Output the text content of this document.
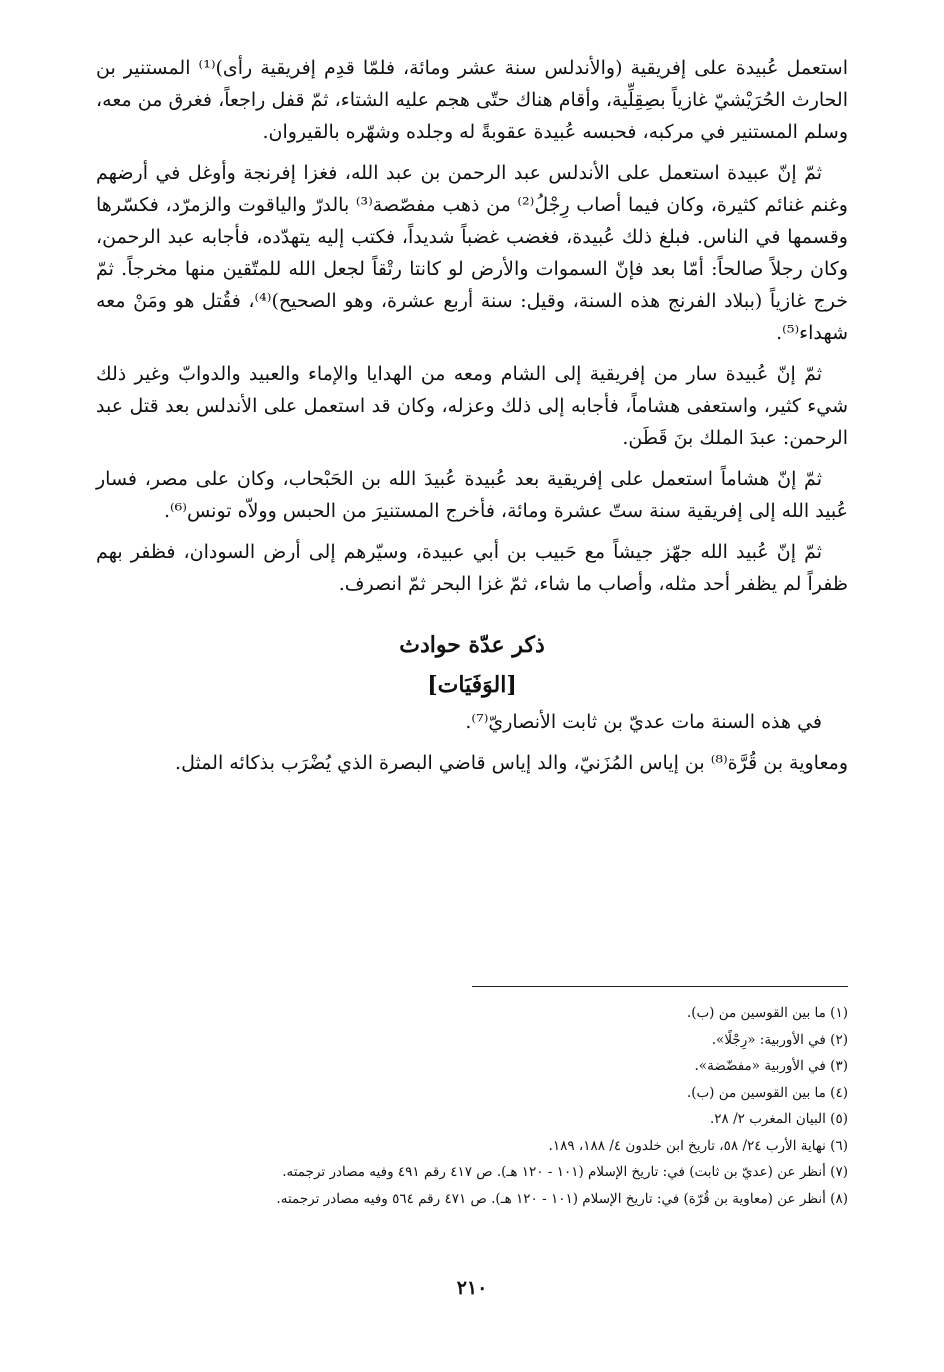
استعمل عُبيدة على إفريقية (والأندلس سنة عشر ومائة، فلمّا قدِم إفريقية رأى)⁽¹⁾ المستنير بن الحارث الحُرَيْشيّ غازياً بصِقِلِّية، وأقام هناك حتّى هجم عليه الشتاء، ثمّ قفل راجعاً، فغرق من معه، وسلم المستنير في مركبه، فحبسه عُبيدة عقوبةً له وجلده وشهّره بالقيروان.

ثمّ إنّ عبيدة استعمل على الأندلس عبد الرحمن بن عبد الله، فغزا إفرنجة وأوغل في أرضهم وغنم غنائم كثيرة، وكان فيما أصاب رِجْلُ⁽²⁾ من ذهب مفصّصة⁽³⁾ بالدرّ والياقوت والزمرّد، فكسّرها وقسمها في الناس. فبلغ ذلك عُبيدة، فغضب غضباً شديداً، فكتب إليه يتهدّده، فأجابه عبد الرحمن، وكان رجلاً صالحاً: أمّا بعد فإنّ السموات والأرض لو كانتا رتْقاً لجعل الله للمتّقين منها مخرجاً. ثمّ خرج غازياً (ببلاد الفرنج هذه السنة، وقيل: سنة أربع عشرة، وهو الصحيح)⁽⁴⁾، فقُتل هو ومَنْ معه شهداء⁽⁵⁾.

ثمّ إنّ عُبيدة سار من إفريقية إلى الشام ومعه من الهدايا والإماء والعبيد والدوابّ وغير ذلك شيء كثير، واستعفى هشاماً، فأجابه إلى ذلك وعزله، وكان قد استعمل على الأندلس بعد قتل عبد الرحمن: عبدَ الملك بنَ قَطَن.

ثمّ إنّ هشاماً استعمل على إفريقية بعد عُبيدة عُبيدَ الله بن الحَبْحاب، وكان على مصر، فسار عُبيد الله إلى إفريقية سنة ستّ عشرة ومائة، فأخرج المستنيرَ من الحبس وولاّه تونس⁽⁶⁾.

ثمّ إنّ عُبيد الله جهّز جيشاً مع حَبيب بن أبي عبيدة، وسيّرهم إلى أرض السودان، فظفر بهم ظفراً لم يظفر أحد مثله، وأصاب ما شاء، ثمّ غزا البحر ثمّ انصرف.

ذكر عدّة حوادث
[الوَفَيَات]

في هذه السنة مات عديّ بن ثابت الأنصاريّ⁽⁷⁾.

ومعاوية بن قُرَّة⁽⁸⁾ بن إياس المُزَنيّ، والد إياس قاضي البصرة الذي يُضْرَب بذكائه المثل.

(١) ما بين القوسين من (ب).
(٢) في الأوربية: «رِجْلًا».
(٣) في الأوربية «مفضّضة».
(٤) ما بين القوسين من (ب).
(٥) البيان المغرب ٢/ ٢٨.
(٦) نهاية الأرب ٢٤/ ٥٨، تاريخ ابن خلدون ٤/ ١٨٨، ١٨٩.
(٧) أنظر عن (عديّ بن ثابت) في: تاريخ الإسلام (١٠١ - ١٢٠ هـ). ص ٤١٧ رقم ٤٩١ وفيه مصادر ترجمته.
(٨) أنظر عن (معاوية بن قُرّة) في: تاريخ الإسلام (١٠١ - ١٢٠ هـ). ص ٤٧١ رقم ٥٦٤ وفيه مصادر ترجمته.
٢١٠
